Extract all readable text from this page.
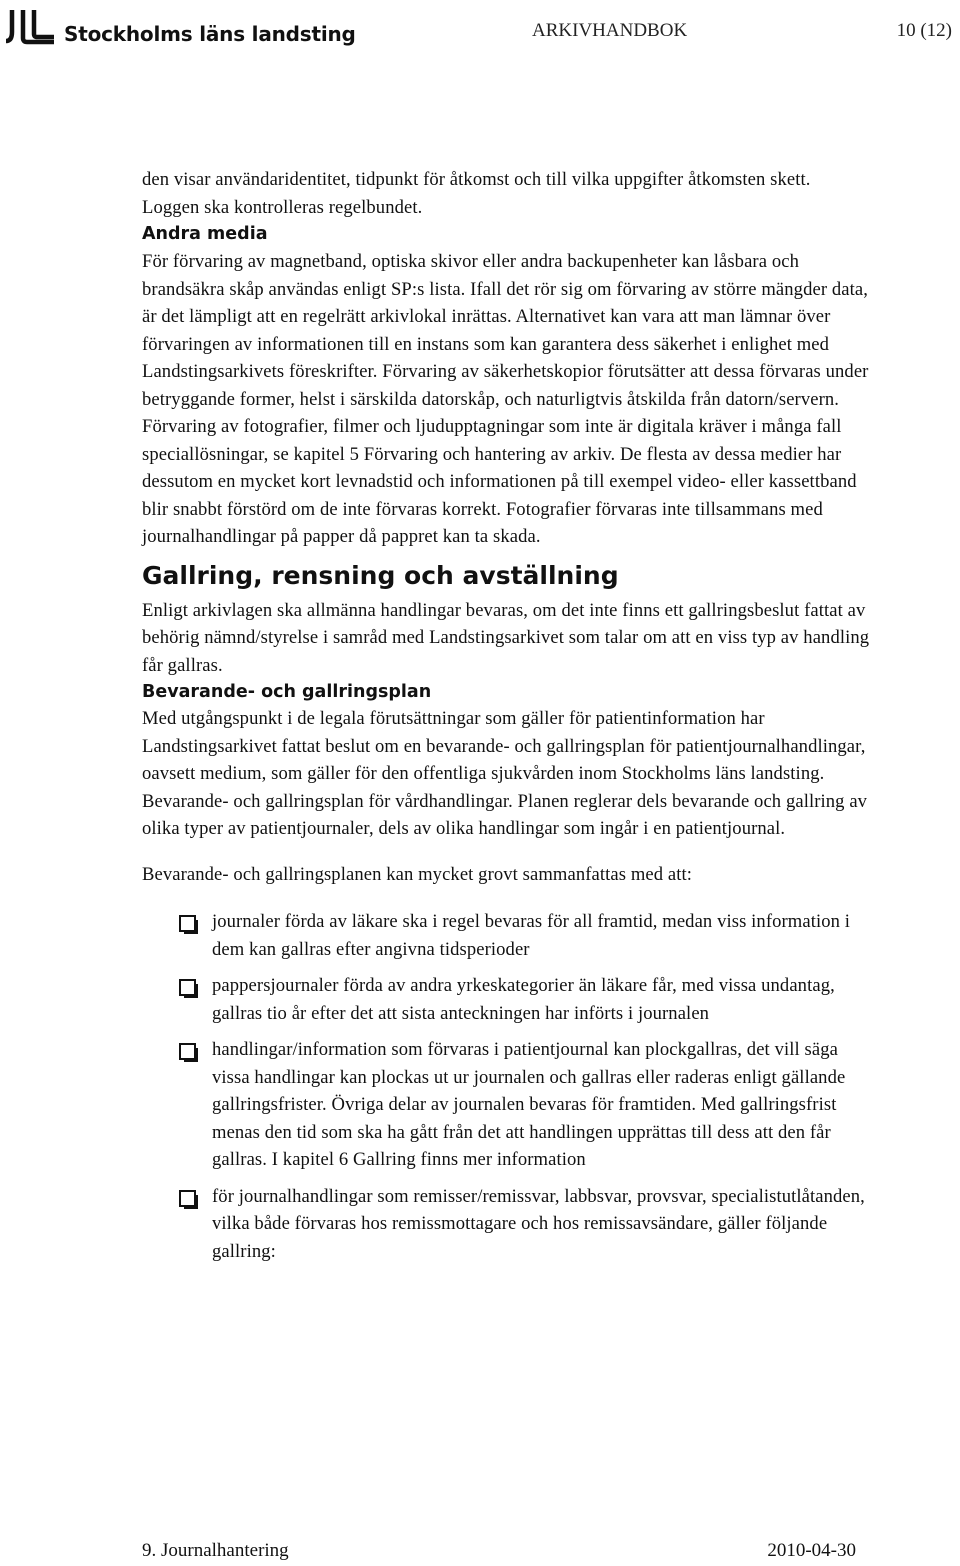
Stockholms läns landsting	ARKIVHANDBOK	10 (12)

den visar användaridentitet, tidpunkt för åtkomst och till vilka uppgifter åtkomsten skett. Loggen ska kontrolleras regelbundet.

Andra media

För förvaring av magnetband, optiska skivor eller andra backupenheter kan låsbara och brandsäkra skåp användas enligt SP:s lista. Ifall det rör sig om förvaring av större mängder data, är det lämpligt att en regelrätt arkivlokal inrättas. Alternativet kan vara att man lämnar över förvaringen av informationen till en instans som kan garantera dess säkerhet i enlighet med Landstingsarkivets föreskrifter. Förvaring av säkerhetskopior förutsätter att dessa förvaras under betryggande former, helst i särskilda datorskåp, och naturligtvis åtskilda från datorn/servern. Förvaring av fotografier, filmer och ljudupptagningar som inte är digitala kräver i många fall speciallösningar, se kapitel 5 Förvaring och hantering av arkiv. De flesta av dessa medier har dessutom en mycket kort levnadstid och informationen på till exempel video- eller kassettband blir snabbt förstörd om de inte förvaras korrekt. Fotografier förvaras inte tillsammans med journalhandlingar på papper då pappret kan ta skada.

Gallring, rensning och avställning

Enligt arkivlagen ska allmänna handlingar bevaras, om det inte finns ett gallringsbeslut fattat av behörig nämnd/styrelse i samråd med Landstingsarkivet som talar om att en viss typ av handling får gallras.

Bevarande- och gallringsplan

Med utgångspunkt i de legala förutsättningar som gäller för patientinformation har Landstingsarkivet fattat beslut om en bevarande- och gallringsplan för patientjournalhandlingar, oavsett medium, som gäller för den offentliga sjukvården inom Stockholms läns landsting. Bevarande- och gallringsplan för vårdhandlingar. Planen reglerar dels bevarande och gallring av olika typer av patientjournaler, dels av olika handlingar som ingår i en patientjournal.

Bevarande- och gallringsplanen kan mycket grovt sammanfattas med att:

journaler förda av läkare ska i regel bevaras för all framtid, medan viss information i dem kan gallras efter angivna tidsperioder
pappersjournaler förda av andra yrkeskategorier än läkare får, med vissa undantag, gallras tio år efter det att sista anteckningen har införts i journalen
handlingar/information som förvaras i patientjournal kan plockgallras, det vill säga vissa handlingar kan plockas ut ur journalen och gallras eller raderas enligt gällande gallringsfrister. Övriga delar av journalen bevaras för framtiden. Med gallringsfrist menas den tid som ska ha gått från det att handlingen upprättas till dess att den får gallras. I kapitel 6 Gallring finns mer information
för journalhandlingar som remisser/remissvar, labbsvar, provsvar, specialistutlåtanden, vilka både förvaras hos remissmottagare och hos remissavsändare, gäller följande gallring:
9. Journalhantering	2010-04-30
